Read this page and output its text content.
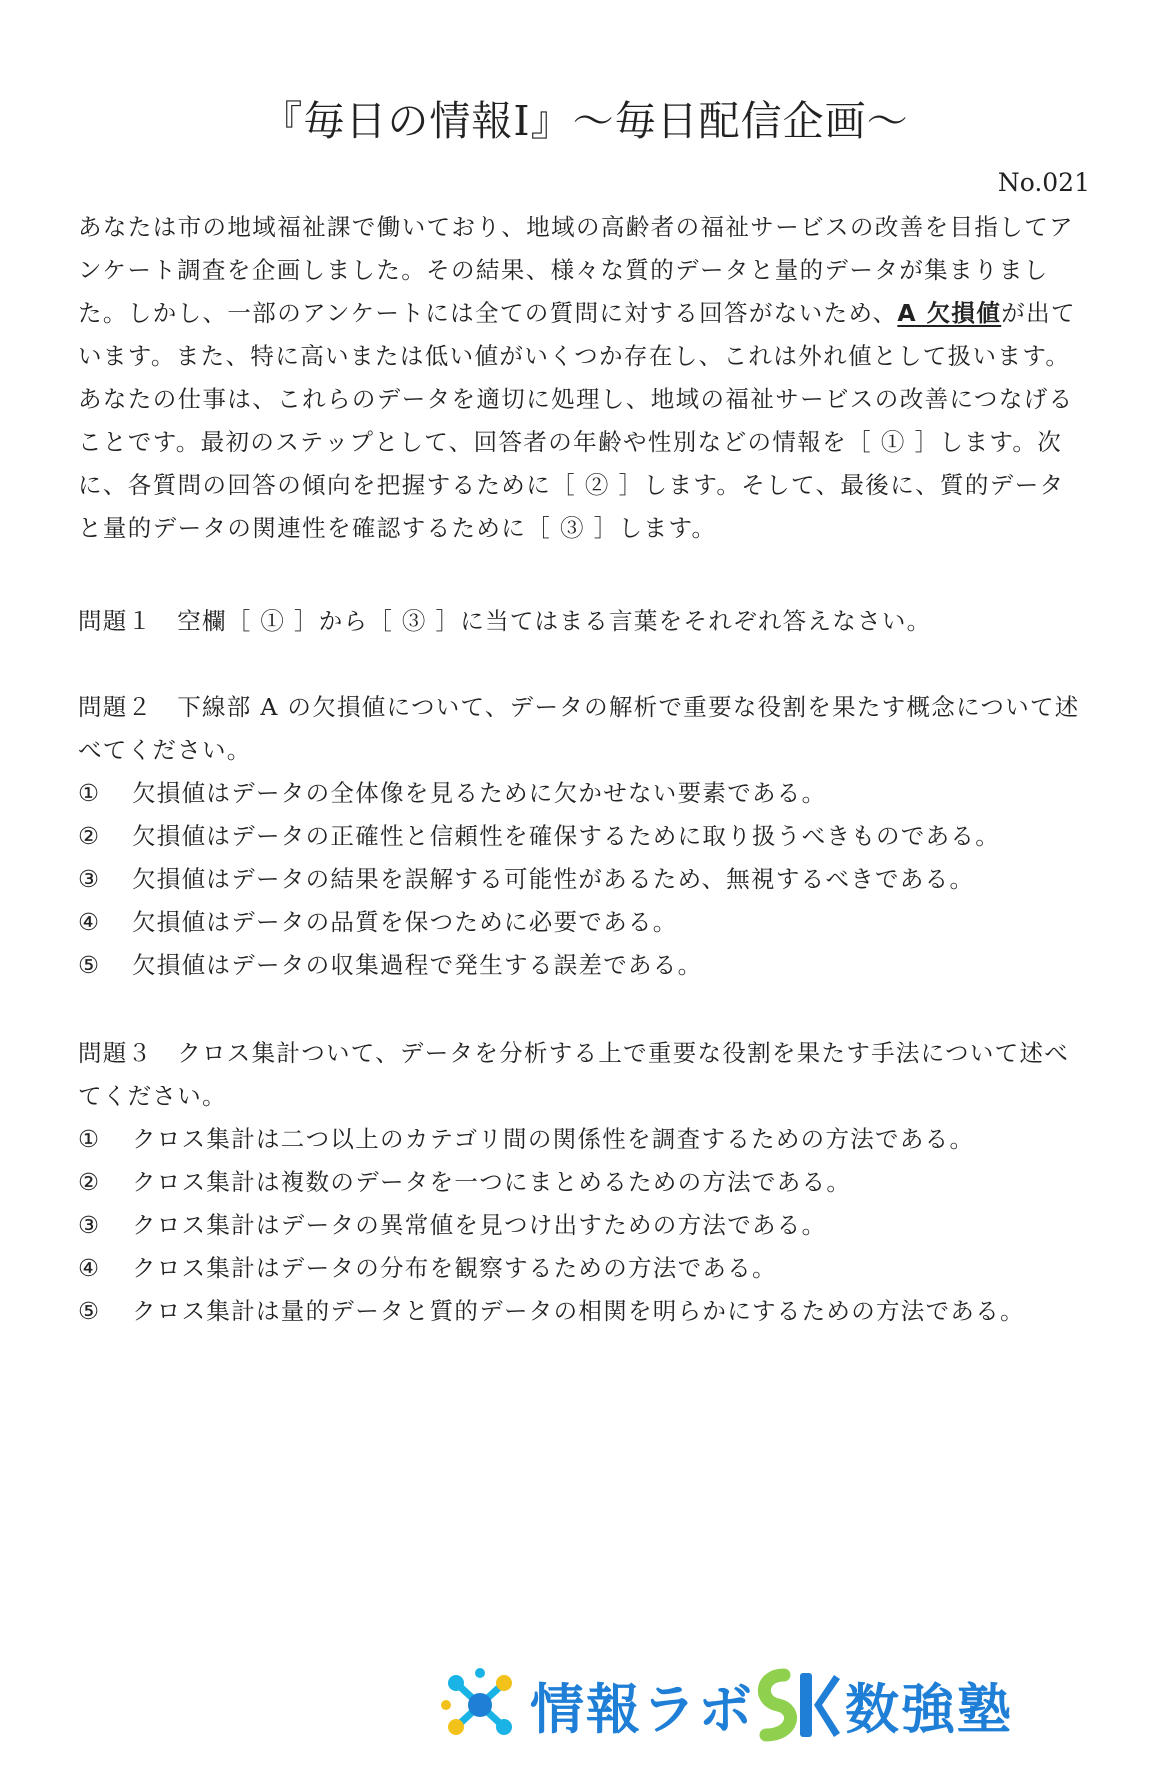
『毎日の情報Ⅰ』〜毎日配信企画〜
No.021
あなたは市の地域福祉課で働いており、地域の高齢者の福祉サービスの改善を目指してア
ンケート調査を企画しました。その結果、様々な質的データと量的データが集まりまし
た。しかし、一部のアンケートには全ての質問に対する回答がないため、A 欠損値が出て
います。また、特に高いまたは低い値がいくつか存在し、これは外れ値として扱います。
あなたの仕事は、これらのデータを適切に処理し、地域の福祉サービスの改善につなげる
ことです。最初のステップとして、回答者の年齢や性別などの情報を［ ① ］します。次
に、各質問の回答の傾向を把握するために［ ② ］します。そして、最後に、質的データ
と量的データの関連性を確認するために［ ③ ］します。
問題１　空欄［ ① ］から［ ③ ］に当てはまる言葉をそれぞれ答えなさい。
問題２　下線部 A の欠損値について、データの解析で重要な役割を果たす概念について述
べてください。
①	欠損値はデータの全体像を見るために欠かせない要素である。
②	欠損値はデータの正確性と信頼性を確保するために取り扱うべきものである。
③	欠損値はデータの結果を誤解する可能性があるため、無視するべきである。
④	欠損値はデータの品質を保つために必要である。
⑤	欠損値はデータの収集過程で発生する誤差である。
問題３　クロス集計ついて、データを分析する上で重要な役割を果たす手法について述べ
てください。
①	クロス集計は二つ以上のカテゴリ間の関係性を調査するための方法である。
②	クロス集計は複数のデータを一つにまとめるための方法である。
③	クロス集計はデータの異常値を見つけ出すための方法である。
④	クロス集計はデータの分布を観察するための方法である。
⑤	クロス集計は量的データと質的データの相関を明らかにするための方法である。
情報ラボ 数強塾
